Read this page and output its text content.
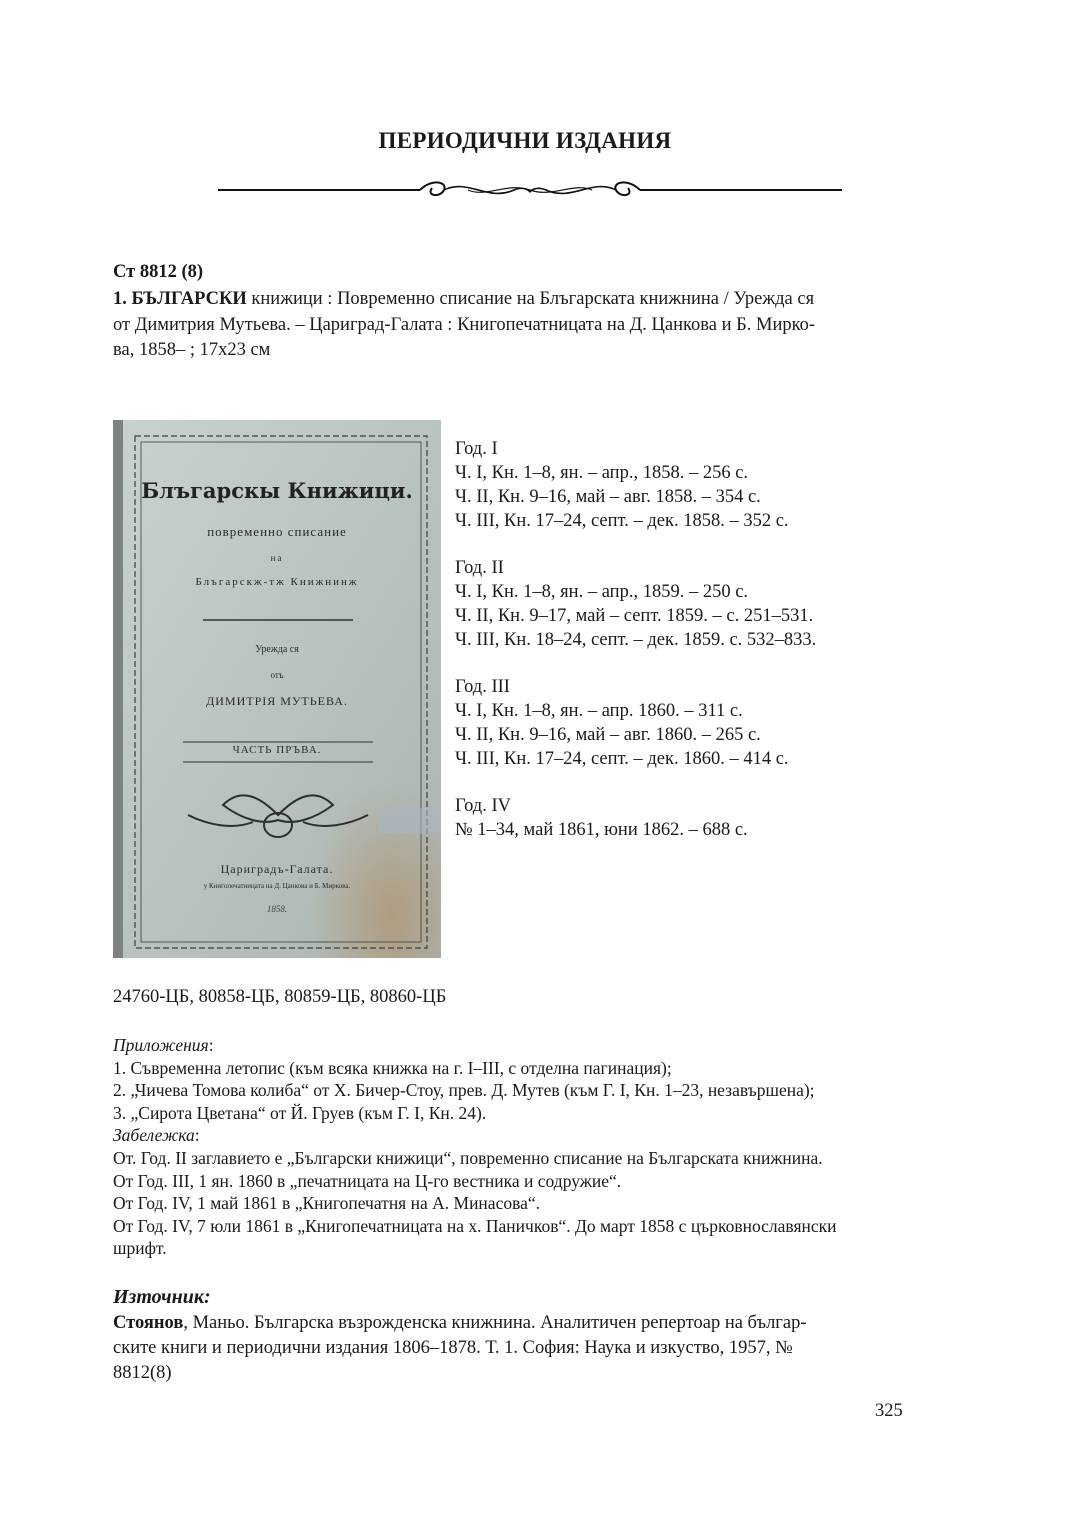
ПЕРИОДИЧНИ ИЗДАНИЯ
Ст 8812 (8)
1. БЪЛГАРСКИ книжици : Повременно списание на Блъгарската книжнина / Урежда ся
от Димитрия Мутьева. – Цариград-Галата : Книгопечатницата на Д. Цанкова и Б. Мирко-
ва, 1858– ; 17x23 см
Блъгарскы Книжици.
повременно списание
на
Блъгарскж-тж Книжнинж
Урежда ся
отъ
ДИМИТРІЯ МУТЬЕВА.
ЧАСТЬ ПРЪВА.
Цариградъ-Галата.
у Книгопечатницата на Д. Цанкова и Б. Миркова.
1858.
Год. I
Ч. I, Кн. 1–8, ян. – апр., 1858. – 256 с.
Ч. II, Кн. 9–16, май – авг. 1858. – 354 с.
Ч. III, Кн. 17–24, септ. – дек. 1858. – 352 с.
Год. II
Ч. I, Кн. 1–8, ян. – апр., 1859. – 250 с.
Ч. II, Кн. 9–17, май – септ. 1859. – с. 251–531.
Ч. III, Кн. 18–24, септ. – дек. 1859. с. 532–833.
Год. III
Ч. I, Кн. 1–8, ян. – апр. 1860. – 311 с.
Ч. II, Кн. 9–16, май – авг. 1860. – 265 с.
Ч. III, Кн. 17–24, септ. – дек. 1860. – 414 с.
Год. IV
№ 1–34, май 1861, юни 1862. – 688 с.
24760-ЦБ, 80858-ЦБ, 80859-ЦБ, 80860-ЦБ
Приложения:
1. Съвременна летопис (към всяка книжка на г. I–III, с отделна пагинация);
2. „Чичева Томова колиба“ от Х. Бичер-Стоу, прев. Д. Мутев (към Г. I, Кн. 1–23, незавършена);
3. „Сирота Цветана“ от Й. Груев (към Г. I, Кн. 24).
Забележка:
От. Год. II заглавието е „Български книжици“, повременно списание на Българската книжнина.
От Год. III, 1 ян. 1860 в „печатницата на Ц-го вестника и содружие“.
От Год. IV, 1 май 1861 в „Книгопечатня на А. Минасова“.
От Год. IV, 7 юли 1861 в „Книгопечатницата на х. Паничков“. До март 1858 с църковнославянски
шрифт.
Източник:
Стоянов, Маньо. Българска възрожденска книжнина. Аналитичен репертоар на българ-
ските книги и периодични издания 1806–1878. Т. 1. София: Наука и изкуство, 1957, №
8812(8)
325
